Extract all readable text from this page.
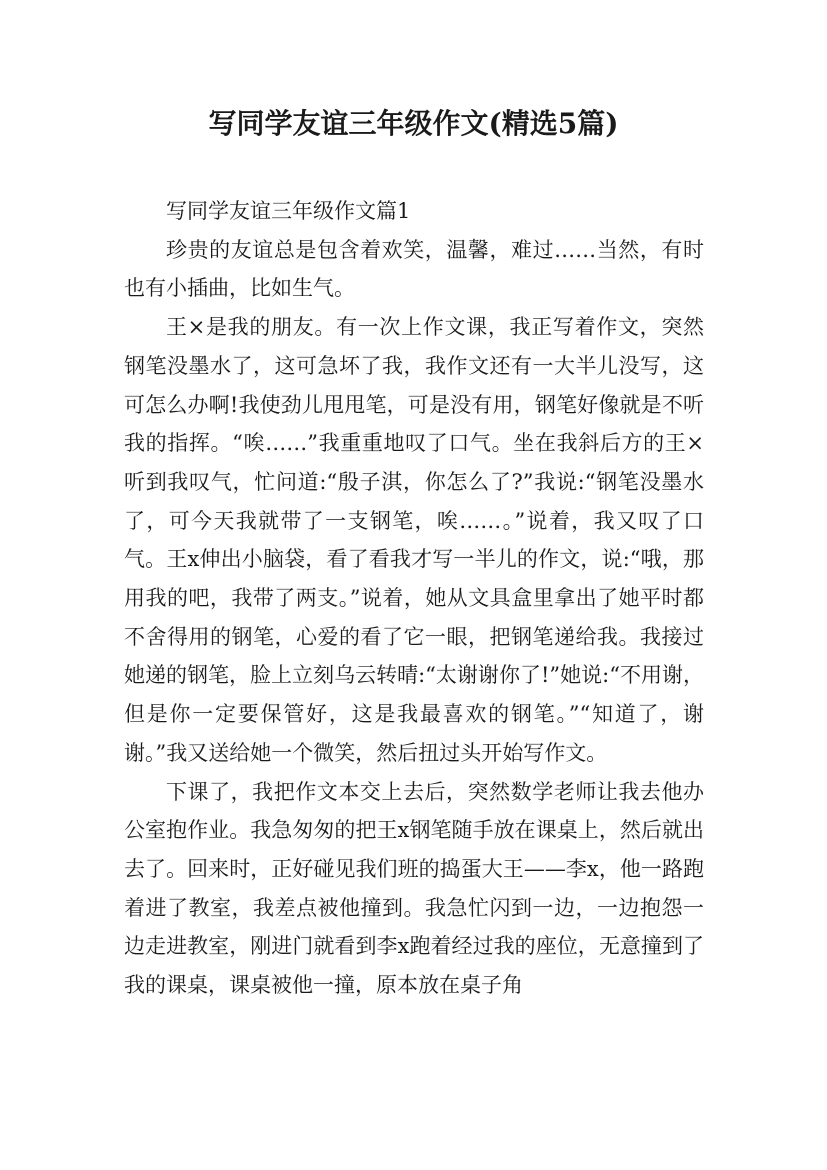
写同学友谊三年级作文(精选5篇)
写同学友谊三年级作文篇1

珍贵的友谊总是包含着欢笑，温馨，难过……当然，有时也有小插曲，比如生气。

王×是我的朋友。有一次上作文课，我正写着作文，突然钢笔没墨水了，这可急坏了我，我作文还有一大半儿没写，这可怎么办啊!我使劲儿甩甩笔，可是没有用，钢笔好像就是不听我的指挥。“唉……”我重重地叹了口气。坐在我斜后方的王×听到我叹气，忙问道:“殷子淇，你怎么了?”我说:“钢笔没墨水了，可今天我就带了一支钢笔，唉……。”说着，我又叹了口气。王x伸出小脑袋，看了看我才写一半儿的作文，说:“哦，那用我的吧，我带了两支。”说着，她从文具盒里拿出了她平时都不舍得用的钢笔，心爱的看了它一眼，把钢笔递给我。我接过她递的钢笔，脸上立刻乌云转晴:“太谢谢你了!”她说:“不用谢，但是你一定要保管好，这是我最喜欢的钢笔。”“知道了，谢谢。”我又送给她一个微笑，然后扭过头开始写作文。

下课了，我把作文本交上去后，突然数学老师让我去他办公室抱作业。我急匆匆的把王x钢笔随手放在课桌上，然后就出去了。回来时，正好碰见我们班的捣蛋大王——李x，他一路跑着进了教室，我差点被他撞到。我急忙闪到一边，一边抱怨一边走进教室，刚进门就看到李x跑着经过我的座位，无意撞到了我的课桌，课桌被他一撞，原本放在桌子角
